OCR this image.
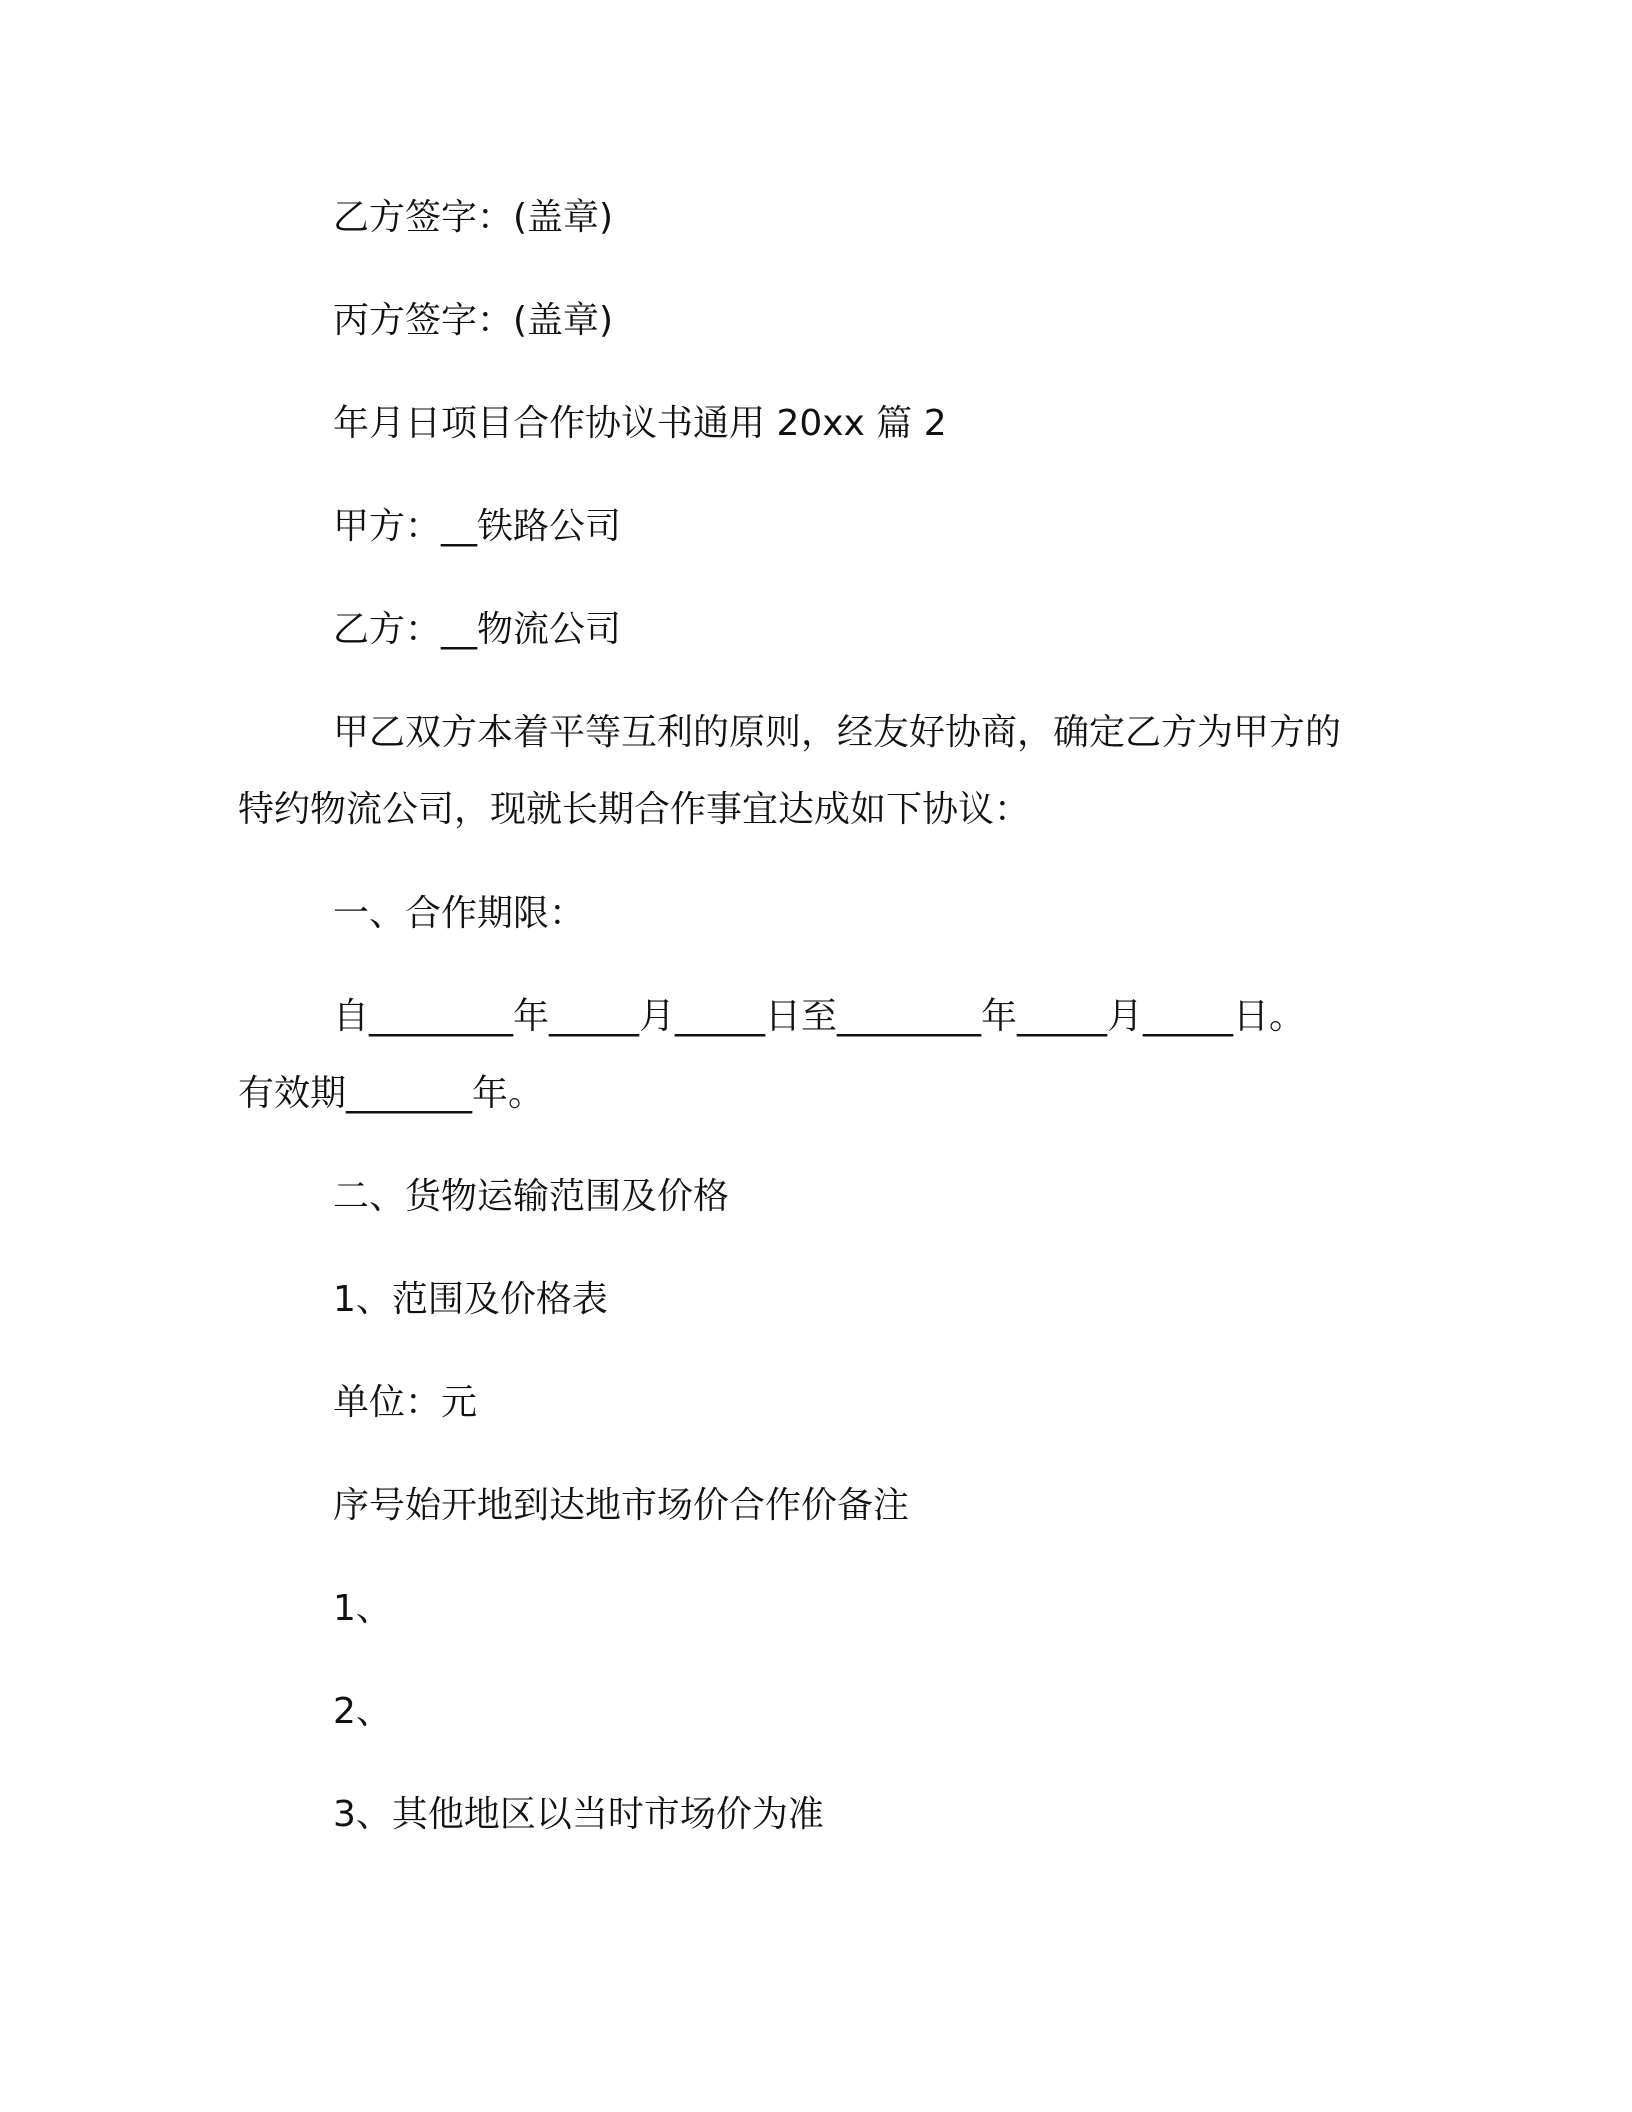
乙方签字：(盖章)
丙方签字：(盖章)
年月日项目合作协议书通用 20xx 篇 2
甲方：__铁路公司
乙方：__物流公司
甲乙双方本着平等互利的原则，经友好协商，确定乙方为甲方的
特约物流公司，现就长期合作事宜达成如下协议：
一、合作期限：
自________年_____月_____日至________年_____月_____日。
有效期_______年。
二、货物运输范围及价格
1、范围及价格表
单位：元
序号始开地到达地市场价合作价备注
1、
2、
3、其他地区以当时市场价为准
